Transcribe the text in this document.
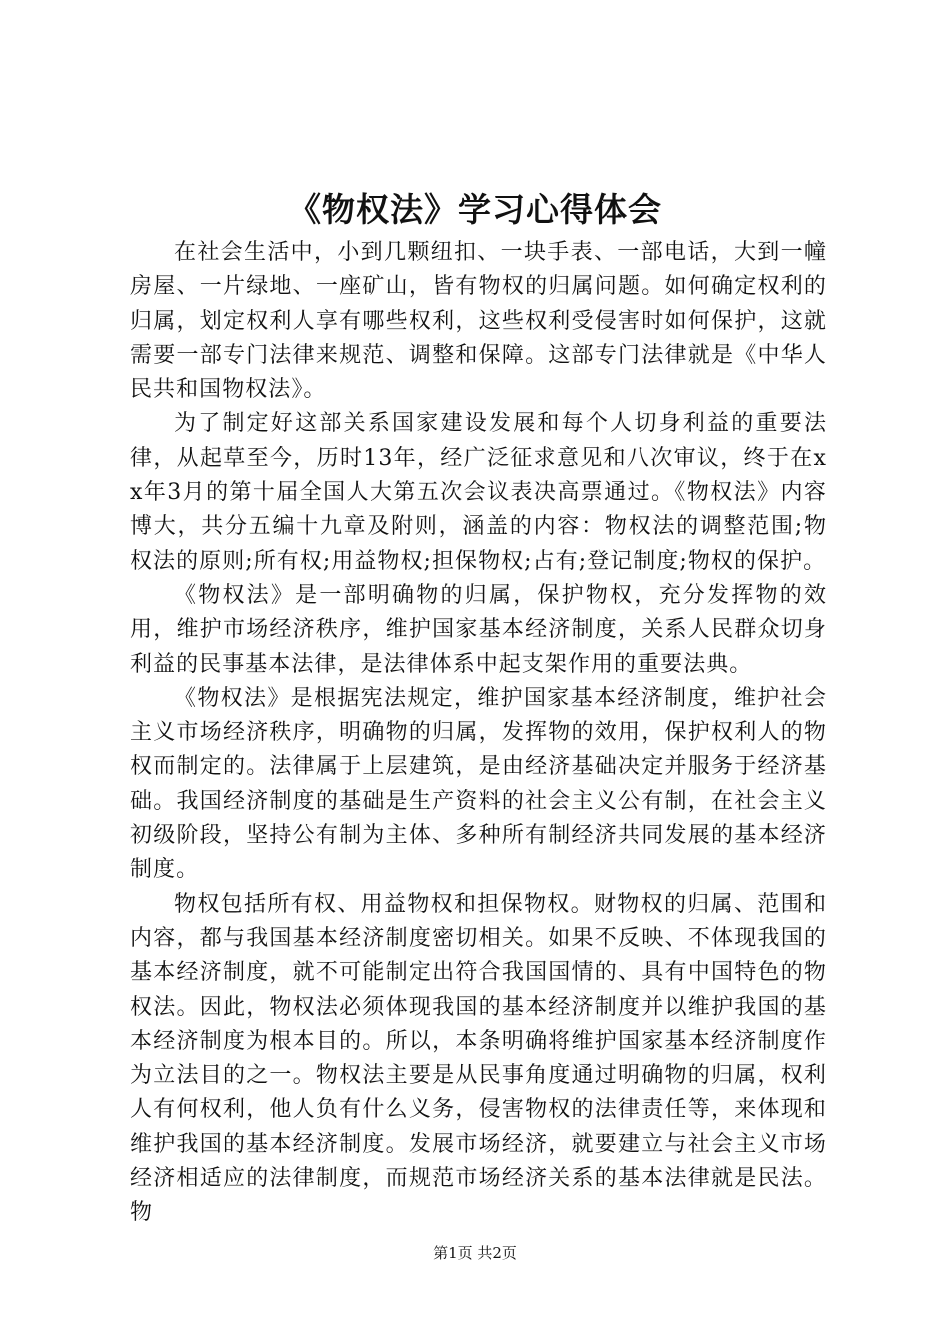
《物权法》学习心得体会

在社会生活中，小到几颗纽扣、一块手表、一部电话，大到一幢房屋、一片绿地、一座矿山，皆有物权的归属问题。如何确定权利的归属，划定权利人享有哪些权利，这些权利受侵害时如何保护，这就需要一部专门法律来规范、调整和保障。这部专门法律就是《中华人民共和国物权法》。

为了制定好这部关系国家建设发展和每个人切身利益的重要法律，从起草至今，历时13年，经广泛征求意见和八次审议，终于在xx年3月的第十届全国人大第五次会议表决高票通过。《物权法》内容博大，共分五编十九章及附则，涵盖的内容：物权法的调整范围;物权法的原则;所有权;用益物权;担保物权;占有;登记制度;物权的保护。

《物权法》是一部明确物的归属，保护物权，充分发挥物的效用，维护市场经济秩序，维护国家基本经济制度，关系人民群众切身利益的民事基本法律，是法律体系中起支架作用的重要法典。

《物权法》是根据宪法规定，维护国家基本经济制度，维护社会主义市场经济秩序，明确物的归属，发挥物的效用，保护权利人的物权而制定的。法律属于上层建筑，是由经济基础决定并服务于经济基础。我国经济制度的基础是生产资料的社会主义公有制，在社会主义初级阶段，坚持公有制为主体、多种所有制经济共同发展的基本经济制度。

物权包括所有权、用益物权和担保物权。财物权的归属、范围和内容，都与我国基本经济制度密切相关。如果不反映、不体现我国的基本经济制度，就不可能制定出符合我国国情的、具有中国特色的物权法。因此，物权法必须体现我国的基本经济制度并以维护我国的基本经济制度为根本目的。所以，本条明确将维护国家基本经济制度作为立法目的之一。物权法主要是从民事角度通过明确物的归属，权利人有何权利，他人负有什么义务，侵害物权的法律责任等，来体现和维护我国的基本经济制度。发展市场经济，就要建立与社会主义市场经济相适应的法律制度，而规范市场经济关系的基本法律就是民法。物

第1页 共2页
